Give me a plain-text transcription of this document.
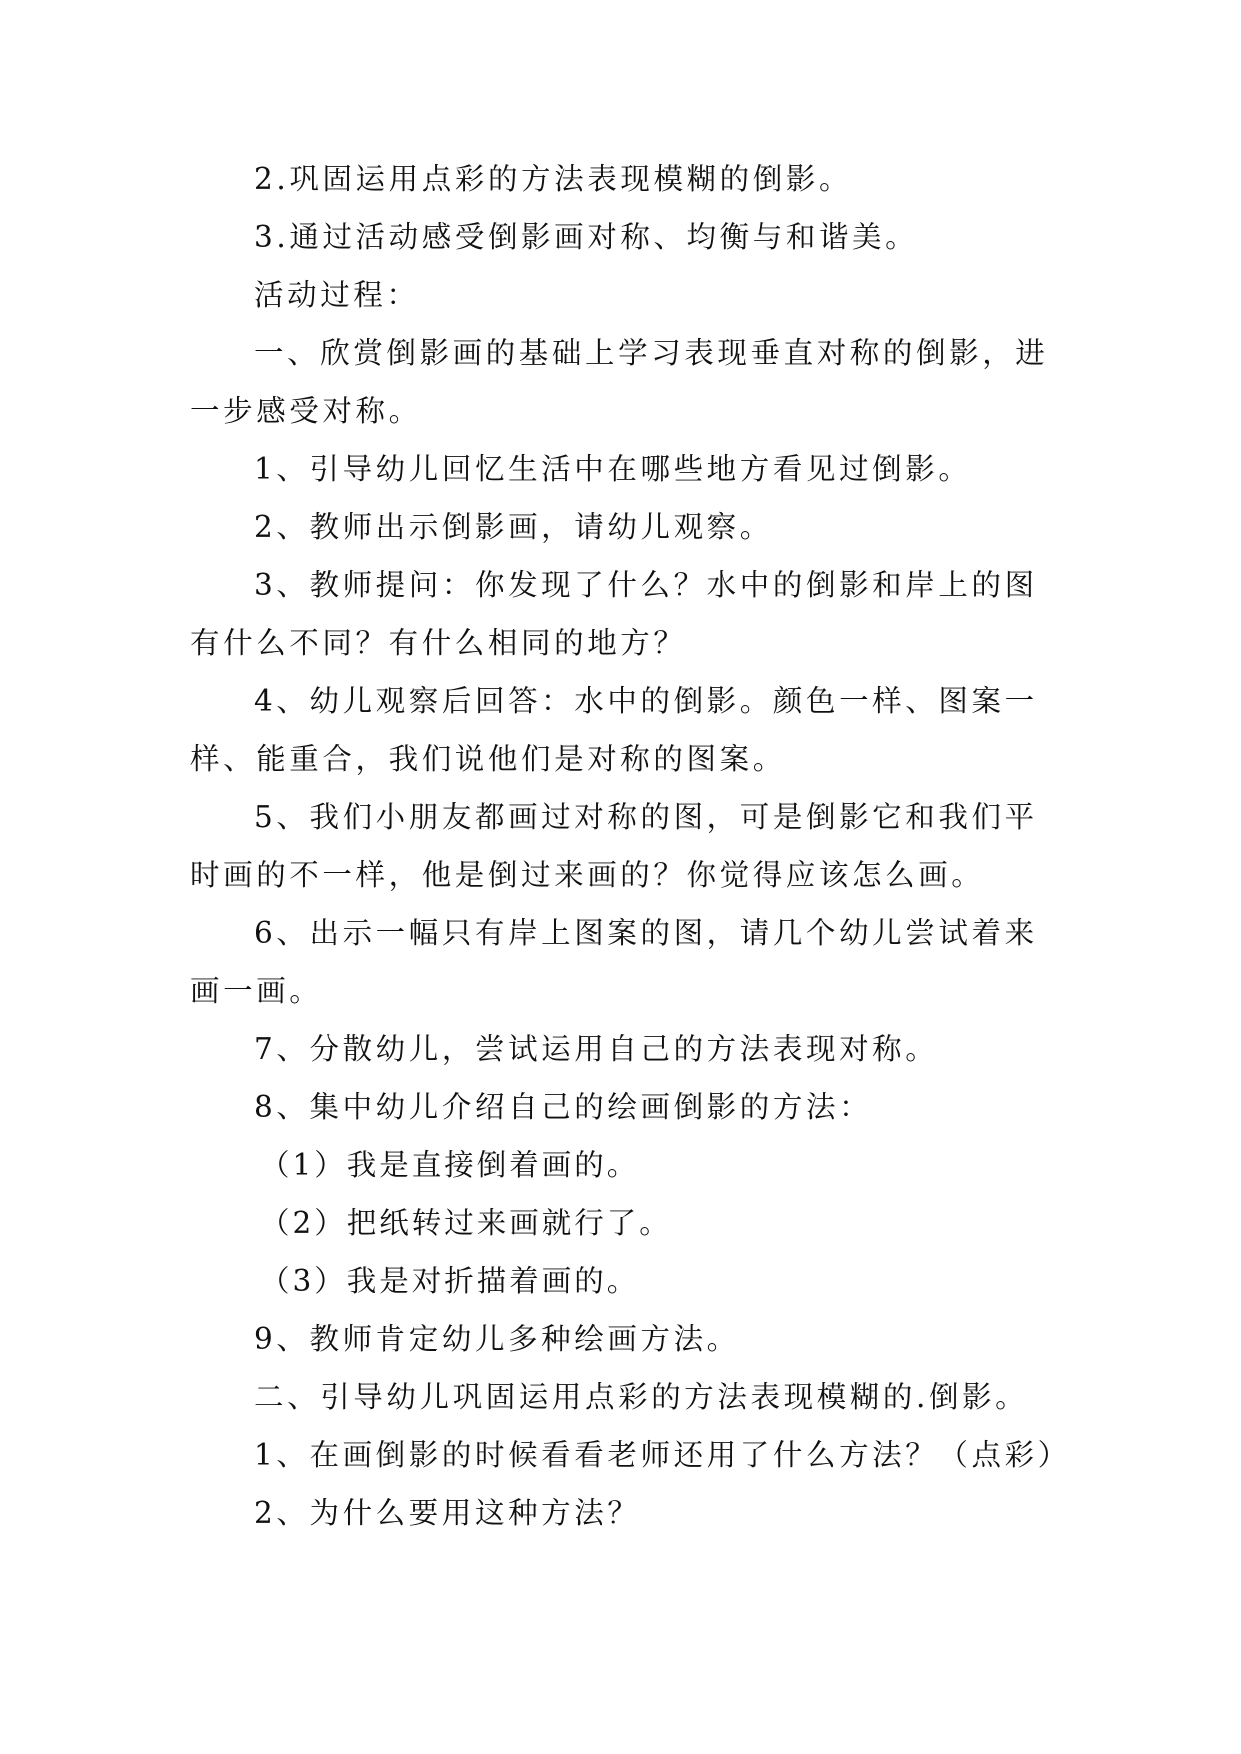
2.巩固运用点彩的方法表现模糊的倒影。
3.通过活动感受倒影画对称、均衡与和谐美。
活动过程：
一、欣赏倒影画的基础上学习表现垂直对称的倒影，进
一步感受对称。
1、引导幼儿回忆生活中在哪些地方看见过倒影。
2、教师出示倒影画，请幼儿观察。
3、教师提问：你发现了什么？水中的倒影和岸上的图
有什么不同？有什么相同的地方？
4、幼儿观察后回答：水中的倒影。颜色一样、图案一
样、能重合，我们说他们是对称的图案。
5、我们小朋友都画过对称的图，可是倒影它和我们平
时画的不一样，他是倒过来画的？你觉得应该怎么画。
6、出示一幅只有岸上图案的图，请几个幼儿尝试着来
画一画。
7、分散幼儿，尝试运用自己的方法表现对称。
8、集中幼儿介绍自己的绘画倒影的方法：
（1）我是直接倒着画的。
（2）把纸转过来画就行了。
（3）我是对折描着画的。
9、教师肯定幼儿多种绘画方法。
二、引导幼儿巩固运用点彩的方法表现模糊的.倒影。
1、在画倒影的时候看看老师还用了什么方法？（点彩）
2、为什么要用这种方法？
